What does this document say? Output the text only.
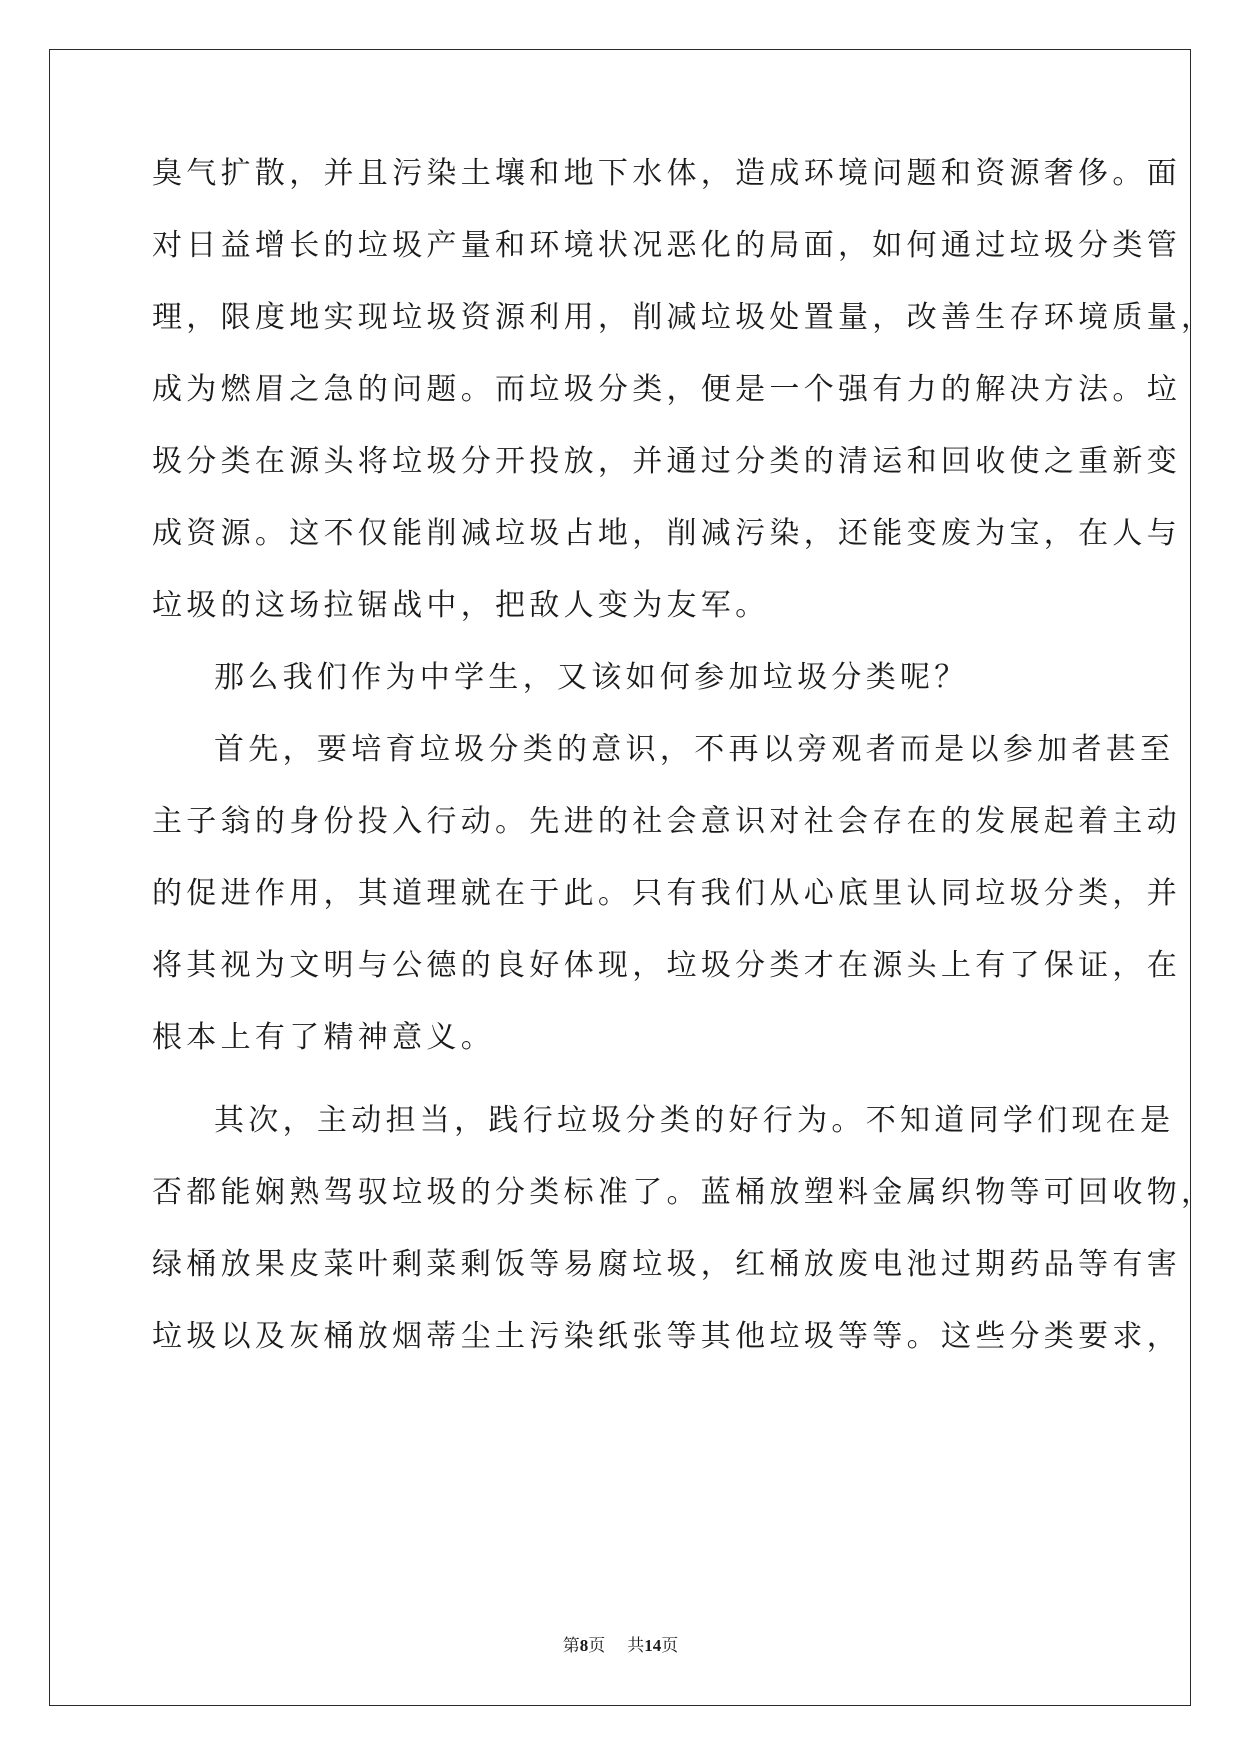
臭气扩散，并且污染土壤和地下水体，造成环境问题和资源奢侈。面
对日益增长的垃圾产量和环境状况恶化的局面，如何通过垃圾分类管
理，限度地实现垃圾资源利用，削减垃圾处置量，改善生存环境质量，
成为燃眉之急的问题。而垃圾分类，便是一个强有力的解决方法。垃
圾分类在源头将垃圾分开投放，并通过分类的清运和回收使之重新变
成资源。这不仅能削减垃圾占地，削减污染，还能变废为宝，在人与
垃圾的这场拉锯战中，把敌人变为友军。
那么我们作为中学生，又该如何参加垃圾分类呢？
首先，要培育垃圾分类的意识，不再以旁观者而是以参加者甚至
主子翁的身份投入行动。先进的社会意识对社会存在的发展起着主动
的促进作用，其道理就在于此。只有我们从心底里认同垃圾分类，并
将其视为文明与公德的良好体现，垃圾分类才在源头上有了保证，在
根本上有了精神意义。
其次，主动担当，践行垃圾分类的好行为。不知道同学们现在是
否都能娴熟驾驭垃圾的分类标准了。蓝桶放塑料金属织物等可回收物，
绿桶放果皮菜叶剩菜剩饭等易腐垃圾，红桶放废电池过期药品等有害
垃圾以及灰桶放烟蒂尘土污染纸张等其他垃圾等等。这些分类要求，
第8页 共14页
